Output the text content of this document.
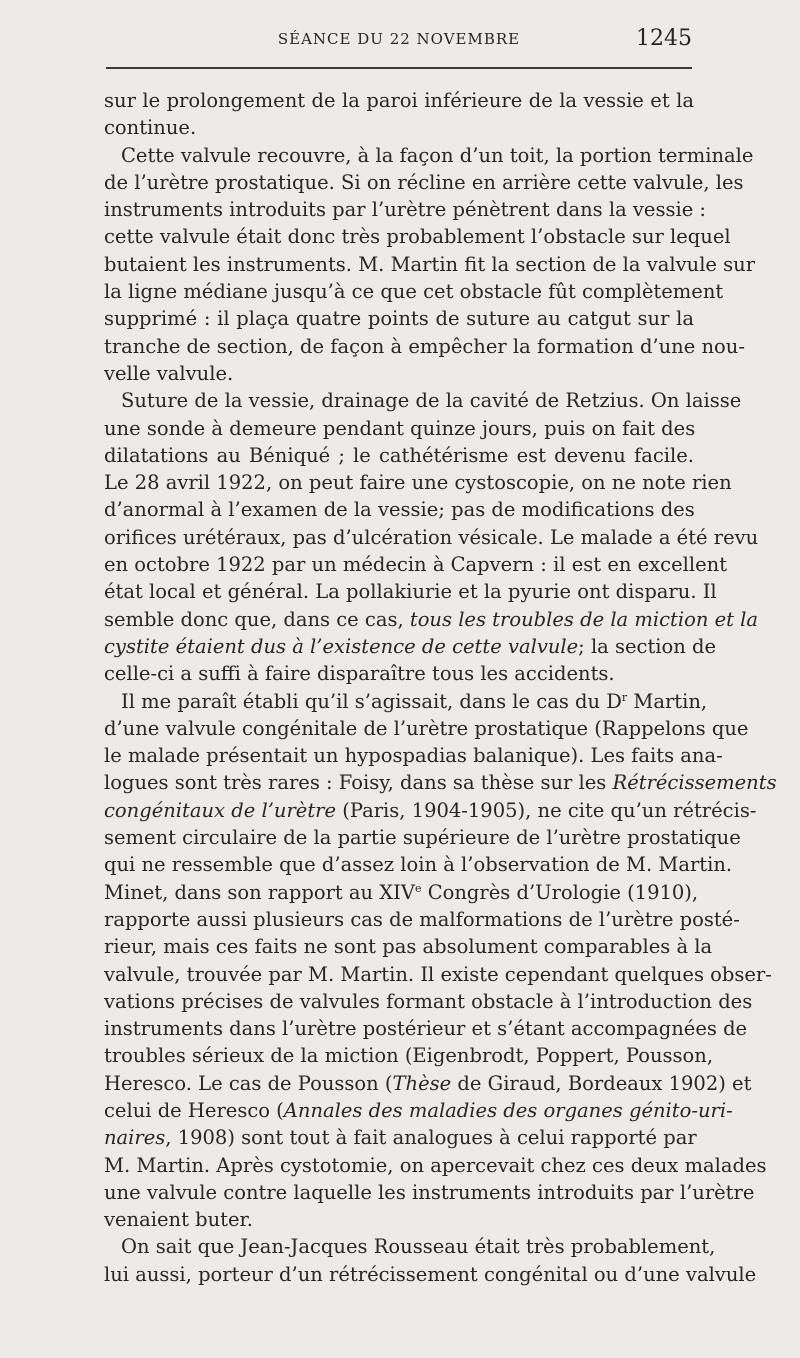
SÉANCE DU 22 NOVEMBRE	1245
sur le prolongement de la paroi inférieure de la vessie et la
continue.
Cette valvule recouvre, à la façon d’un toit, la portion terminale
de l’urètre prostatique. Si on récline en arrière cette valvule, les
instruments introduits par l’urètre pénètrent dans la vessie :
cette valvule était donc très probablement l’obstacle sur lequel
butaient les instruments. M. Martin fit la section de la valvule sur
la ligne médiane jusqu’à ce que cet obstacle fût complètement
supprimé : il plaça quatre points de suture au catgut sur la
tranche de section, de façon à empêcher la formation d’une nou-
velle valvule.
Suture de la vessie, drainage de la cavité de Retzius. On laisse
une sonde à demeure pendant quinze jours, puis on fait des
dilatations au Béniqué ; le cathétérisme est devenu facile.
Le 28 avril 1922, on peut faire une cystoscopie, on ne note rien
d’anormal à l’examen de la vessie; pas de modifications des
orifices urétéraux, pas d’ulcération vésicale. Le malade a été revu
en octobre 1922 par un médecin à Capvern : il est en excellent
état local et général. La pollakiurie et la pyurie ont disparu. Il
semble donc que, dans ce cas, tous les troubles de la miction et la
cystite étaient dus à l’existence de cette valvule; la section de
celle-ci a suffi à faire disparaître tous les accidents.
Il me paraît établi qu’il s’agissait, dans le cas du $D^r$ Martin,
d’une valvule congénitale de l’urètre prostatique (Rappelons que
le malade présentait un hypospadias balanique). Les faits ana-
logues sont très rares : Foisy, dans sa thèse sur les Rétrécissements
congénitaux de l’urètre (Paris, 1904-1905), ne cite qu’un rétrécis-
sement circulaire de la partie supérieure de l’urètre prostatique
qui ne ressemble que d’assez loin à l’observation de M. Martin.
Minet, dans son rapport au XIVe Congrès d’Urologie (1910),
rapporte aussi plusieurs cas de malformations de l’urètre posté-
rieur, mais ces faits ne sont pas absolument comparables à la
valvule, trouvée par M. Martin. Il existe cependant quelques obser-
vations précises de valvules formant obstacle à l’introduction des
instruments dans l’urètre postérieur et s’étant accompagnées de
troubles sérieux de la miction (Eigenbrodt, Poppert, Pousson,
Heresco. Le cas de Pousson (Thèse de Giraud, Bordeaux 1902) et
celui de Heresco (Annales des maladies des organes génito-uri-
naires, 1908) sont tout à fait analogues à celui rapporté par
M. Martin. Après cystotomie, on apercevait chez ces deux malades
une valvule contre laquelle les instruments introduits par l’urètre
venaient buter.
On sait que Jean-Jacques Rousseau était très probablement,
lui aussi, porteur d’un rétrécissement congénital ou d’une valvule
